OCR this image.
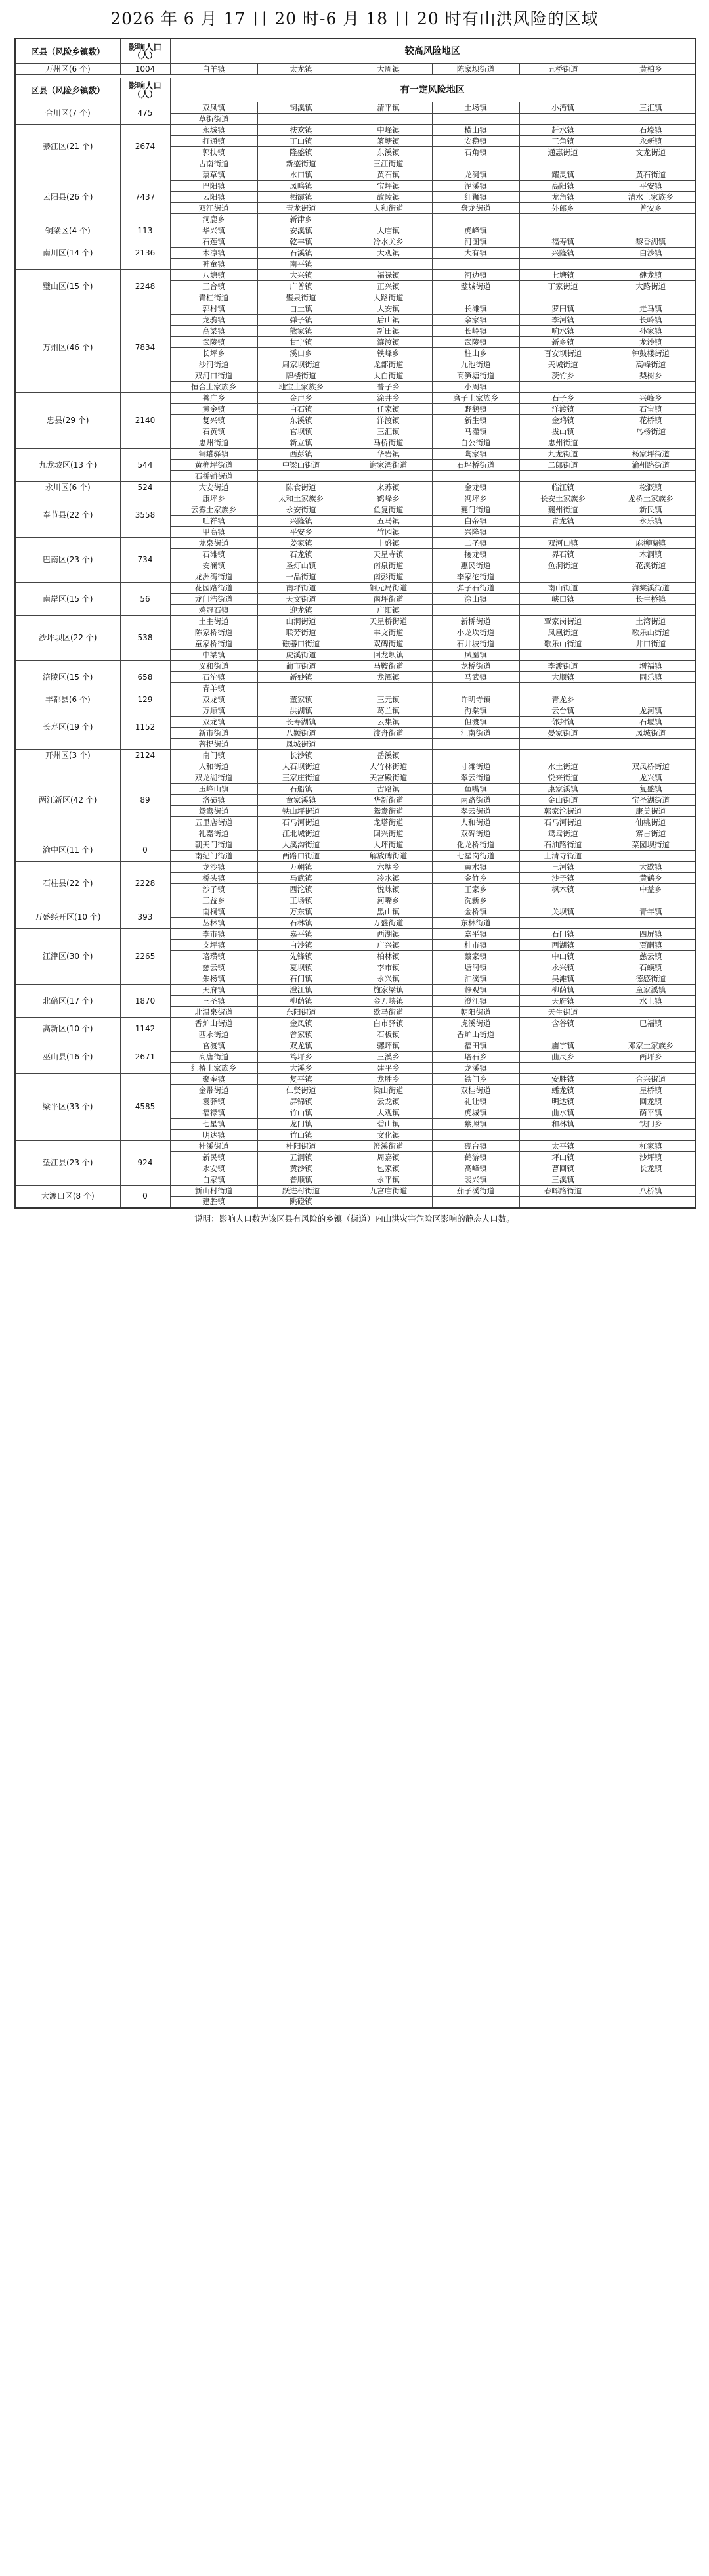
2026 年 6 月 17 日 20 时-6 月 18 日 20 时有山洪风险的区域
区县（风险乡镇数）	影响人口（人）	较高风险地区					
万州区(6 个)	1004	白羊镇	太龙镇	大周镇	陈家坝街道	五桥街道	黄柏乡

区县（风险乡镇数）	影响人口（人）	有一定风险地区					
合川区(7 个)	475	双凤镇	铜溪镇	清平镇	土场镇	小沔镇	三汇镇
		草街街道					
綦江区(21 个)	2674	永城镇	扶欢镇	中峰镇	横山镇	赶水镇	石壕镇
		打通镇	丁山镇	篆塘镇	安稳镇	三角镇	永新镇
		郭扶镇	隆盛镇	东溪镇	石角镇	通惠街道	文龙街道
		古南街道	新盛街道	三江街道			
云阳县(26 个)	7437	蔈草镇	水口镇	黄石镇	龙洞镇	耀灵镇	黄石街道
		巴阳镇	凤鸣镇	宝坪镇	泥溪镇	高阳镇	平安镇
		云阳镇	栖霞镇	故陵镇	红狮镇	龙角镇	清水土家族乡
		双江街道	青龙街道	人和街道	盘龙街道	外郎乡	普安乡
		洞鹿乡	新津乡				
铜梁区(4 个)	113	华兴镇	安溪镇	大庙镇	虎峰镇		
南川区(14 个)	2136	石莲镇	乾丰镇	冷水关乡	河图镇	福寿镇	黎香湖镇
		木凉镇	石溪镇	大观镇	大有镇	兴隆镇	白沙镇
		神童镇	南平镇				
璧山区(15 个)	2248	八塘镇	大兴镇	福禄镇	河边镇	七塘镇	健龙镇
		三合镇	广普镇	正兴镇	璧城街道	丁家街道	大路街道
		青杠街道	璧泉街道	大路街道			
万州区(46 个)	7834	郭村镇	白土镇	大安镇	长滩镇	罗田镇	走马镇
		龙驹镇	弹子镇	后山镇	余家镇	李河镇	长岭镇
		高梁镇	熊家镇	新田镇	长岭镇	响水镇	孙家镇
		武陵镇	甘宁镇	瀼渡镇	武陵镇	新乡镇	龙沙镇
		长坪乡	溪口乡	铁峰乡	柱山乡	百安坝街道	钟鼓楼街道
		沙河街道	周家坝街道	龙都街道	九池街道	天城街道	高峰街道
		双河口街道	牌楼街道	太白街道	高笋塘街道	茨竹乡	梨树乡
		恒合土家族乡	地宝土家族乡	普子乡	小周镇		
忠县(29 个)	2140	善广乡	金声乡	涂井乡	磨子土家族乡	石子乡	兴峰乡
		黄金镇	白石镇	任家镇	野鹤镇	洋渡镇	石宝镇
		复兴镇	东溪镇	洋渡镇	新生镇	金鸡镇	花桥镇
		石黄镇	官坝镇	三汇镇	马灌镇	拔山镇	乌杨街道
		忠州街道	新立镇	马桥街道	白公街道	忠州街道	
九龙坡区(13 个)	544	铜罐驿镇	西彭镇	华岩镇	陶家镇	九龙街道	杨家坪街道
		黄桷坪街道	中梁山街道	谢家湾街道	石坪桥街道	二郎街道	渝州路街道
		石桥铺街道					
永川区(6 个)	524	大安街道	陈食街道	来苏镇	金龙镇	临江镇	松溉镇
奉节县(22 个)	3558	康坪乡	太和土家族乡	鹤峰乡	冯坪乡	长安土家族乡	龙桥土家族乡
		云雾土家族乡	永安街道	鱼复街道	夔门街道	夔州街道	新民镇
		吐祥镇	兴隆镇	五马镇	白帝镇	青龙镇	永乐镇
		甲高镇	平安乡	竹园镇	兴隆镇		
巴南区(23 个)	734	龙泉街道	姜家镇	丰盛镇	二圣镇	双河口镇	麻柳嘴镇
		石滩镇	石龙镇	天星寺镇	接龙镇	界石镇	木洞镇
		安澜镇	圣灯山镇	南泉街道	惠民街道	鱼洞街道	花溪街道
		龙洲湾街道	一品街道	南彭街道	李家沱街道		
南岸区(15 个)	56	花园路街道	南坪街道	铜元局街道	弹子石街道	南山街道	海棠溪街道
		龙门浩街道	天文街道	南坪街道	涂山镇	峡口镇	长生桥镇
		鸡冠石镇	迎龙镇	广阳镇			
沙坪坝区(22 个)	538	土主街道	山洞街道	天星桥街道	新桥街道	覃家岗街道	土湾街道
		陈家桥街道	联芳街道	丰文街道	小龙坎街道	凤凰街道	歌乐山街道
		童家桥街道	磁器口街道	双碑街道	石井坡街道	歌乐山街道	井口街道
		中梁镇	虎溪街道	回龙坝镇	凤凰镇		
涪陵区(15 个)	658	义和街道	蔺市街道	马鞍街道	龙桥街道	李渡街道	增福镇
		石沱镇	新妙镇	龙潭镇	马武镇	大顺镇	同乐镇
		青羊镇					
丰都县(6 个)	129	双龙镇	董家镇	三元镇	许明寺镇	青龙乡	
长寿区(19 个)	1152	万顺镇	洪湖镇	葛兰镇	海棠镇	云台镇	龙河镇
		双龙镇	长寿湖镇	云集镇	但渡镇	邻封镇	石堰镇
		新市街道	八颗街道	渡舟街道	江南街道	晏家街道	凤城街道
		菩提街道	凤城街道				
开州区(3 个)	2124	南门镇	长沙镇	岳溪镇			
两江新区(42 个)	89	人和街道	大石坝街道	大竹林街道	寸滩街道	水土街道	双凤桥街道
		双龙湖街道	王家庄街道	天宫殿街道	翠云街道	悦来街道	龙兴镇
		玉峰山镇	石船镇	古路镇	鱼嘴镇	康家溪镇	复盛镇
		洛碛镇	童家溪镇	华新街道	两路街道	金山街道	宝圣湖街道
		鸳鸯街道	铁山坪街道	鸳鸯街道	翠云街道	郭家沱街道	康美街道
		五里店街道	石马河街道	龙塔街道	人和街道	石马河街道	仙桃街道
		礼嘉街道	江北城街道	回兴街道	双碑街道	鸳鸯街道	寨古街道
渝中区(11 个)	0	朝天门街道	大溪沟街道	大坪街道	化龙桥街道	石油路街道	菜园坝街道
		南纪门街道	两路口街道	解放碑街道	七星岗街道	上清寺街道	
石柱县(22 个)	2228	龙沙镇	万朝镇	六塘乡	黄水镇	三河镇	大歇镇
		桥头镇	马武镇	冷水镇	金竹乡	沙子镇	黄鹤乡
		沙子镇	西沱镇	悦崃镇	王家乡	枫木镇	中益乡
		三益乡	王场镇	河嘴乡	洗新乡		
万盛经开区(10 个)	393	南桐镇	万东镇	黑山镇	金桥镇	关坝镇	青年镇
		丛林镇	石林镇	万盛街道	东林街道		
江津区(30 个)	2265	李市镇	嘉平镇	西湖镇	嘉平镇	石门镇	四屏镇
		支坪镇	白沙镇	广兴镇	杜市镇	西湖镇	贾嗣镇
		珞璜镇	先锋镇	柏林镇	蔡家镇	中山镇	慈云镇
		慈云镇	夏坝镇	李市镇	塘河镇	永兴镇	石蟆镇
		朱杨镇	石门镇	永兴镇	油溪镇	吴滩镇	德感街道
北碚区(17 个)	1870	天府镇	澄江镇	施家梁镇	静观镇	柳荫镇	童家溪镇
		三圣镇	柳荫镇	金刀峡镇	澄江镇	天府镇	水土镇
		北温泉街道	东阳街道	歇马街道	朝阳街道	天生街道	
高新区(10 个)	1142	香炉山街道	金凤镇	白市驿镇	虎溪街道	含谷镇	巴福镇
		西永街道	曾家镇	石板镇	香炉山街道		
巫山县(16 个)	2671	官渡镇	双龙镇	骡坪镇	福田镇	庙宇镇	邓家土家族乡
		高唐街道	笃坪乡	三溪乡	培石乡	曲尺乡	两坪乡
		红椿土家族乡	大溪乡	建平乡	龙溪镇		
梁平区(33 个)	4585	聚奎镇	复平镇	龙胜乡	铁门乡	安胜镇	合兴街道
		金带街道	仁贤街道	梁山街道	双桂街道	蟠龙镇	星桥镇
		袁驿镇	屏锦镇	云龙镇	礼让镇	明达镇	回龙镇
		福禄镇	竹山镇	大观镇	虎城镇	曲水镇	荫平镇
		七星镇	龙门镇	碧山镇	紫照镇	和林镇	铁门乡
		明达镇	竹山镇	文化镇			
垫江县(23 个)	924	桂溪街道	桂阳街道	澄溪街道	砚台镇	太平镇	杠家镇
		新民镇	五洞镇	周嘉镇	鹤游镇	坪山镇	沙坪镇
		永安镇	黄沙镇	包家镇	高峰镇	曹回镇	长龙镇
		白家镇	普顺镇	永平镇	裴兴镇	三溪镇	
大渡口区(8 个)	0	新山村街道	跃进村街道	九宫庙街道	茄子溪街道	春晖路街道	八桥镇
		建胜镇	跳磴镇				
说明：影响人口数为该区县有风险的乡镇（街道）内山洪灾害危险区影响的静态人口数。
